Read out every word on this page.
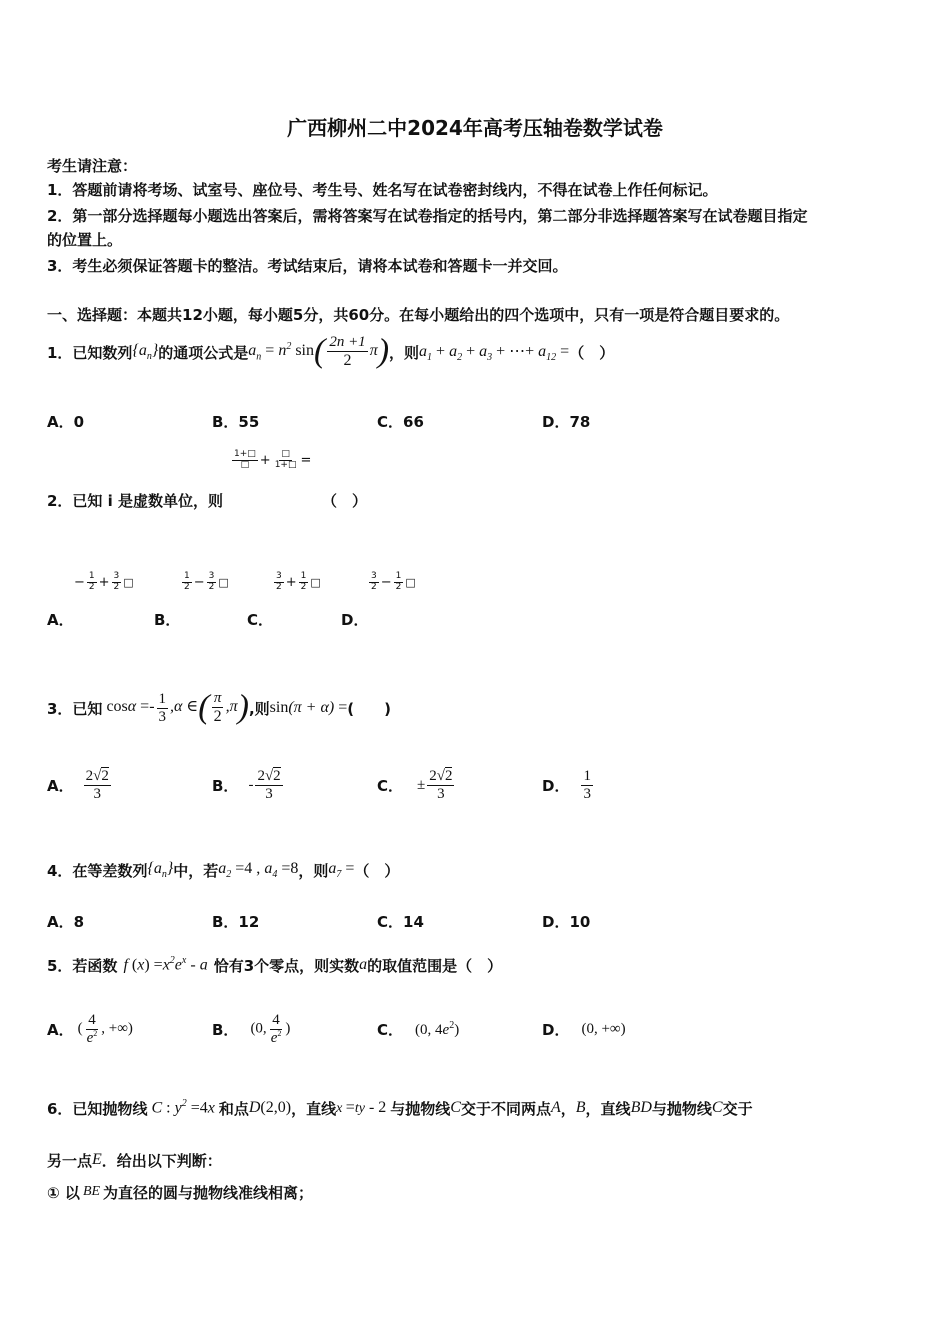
广西柳州二中2024年高考压轴卷数学试卷
考生请注意：
1．答题前请将考场、试室号、座位号、考生号、姓名写在试卷密封线内，不得在试卷上作任何标记。
2．第一部分选择题每小题选出答案后，需将答案写在试卷指定的括号内，第二部分非选择题答案写在试卷题目指定
的位置上。
3．考生必须保证答题卡的整洁。考试结束后，请将本试卷和答题卡一并交回。
一、选择题：本题共12小题，每小题5分，共60分。在每小题给出的四个选项中，只有一项是符合题目要求的。
1．已知数列 $\{a_n\}$ 的通项公式是 $a_n = n^2$ $\sin( \frac{2n +1}{2} \pi)$ ，则 $a_1 + a_2 + a_3$ + ⋯+ $a_{12}$ = （　）
A．0	B．55	C．66	D．78
$\frac{1+□}{□} + \frac{□}{1+□}$ =
2．已知 i 是虚数单位，则	（　）
− $\frac{1}{2} + \frac{3}{2}$ □	$\frac{1}{2} - \frac{3}{2}$ □	$\frac{3}{2} + \frac{1}{2}$ □	$\frac{3}{2} - \frac{1}{2}$ □
A．	B．	C．	D．
3．已知 $\cos\alpha =- \frac{1}{3} ,\alpha$ ∈( $\frac{\pi}{2} ,\pi$) ,则 sin(π + α) = (　　)
A． $\frac{2√2}{3}$	B． - $\frac{2√2}{3}$	C． ± $\frac{2√2}{3}$	D． $\frac{1}{3}$
4．在等差数列 $\{a_n\}$ 中，若 $a_2 =4$ , $a_4 =8$ ，则 $a_7$ = （　）
A．8	B．12	C．14	D．10
5．若函数 f $(x) =x^2e^x - a$ 恰有3个零点，则实数 a 的取值范围是（　）
A． ( $\frac{4}{e^2}$ , +∞)	B． (0, $\frac{4}{e^2}$ )	C． (0, $4e^2$)	D． (0, +∞)
6．已知抛物线 C : $y^2 =4x$ 和点 D(2,0) ，直线 x =ty - 2 与抛物线 C 交于不同两点 A ， B ，直线 BD 与抛物线 C 交于
另一点 E ．给出以下判断：
① 以 BE 为直径的圆与抛物线准线相离；
